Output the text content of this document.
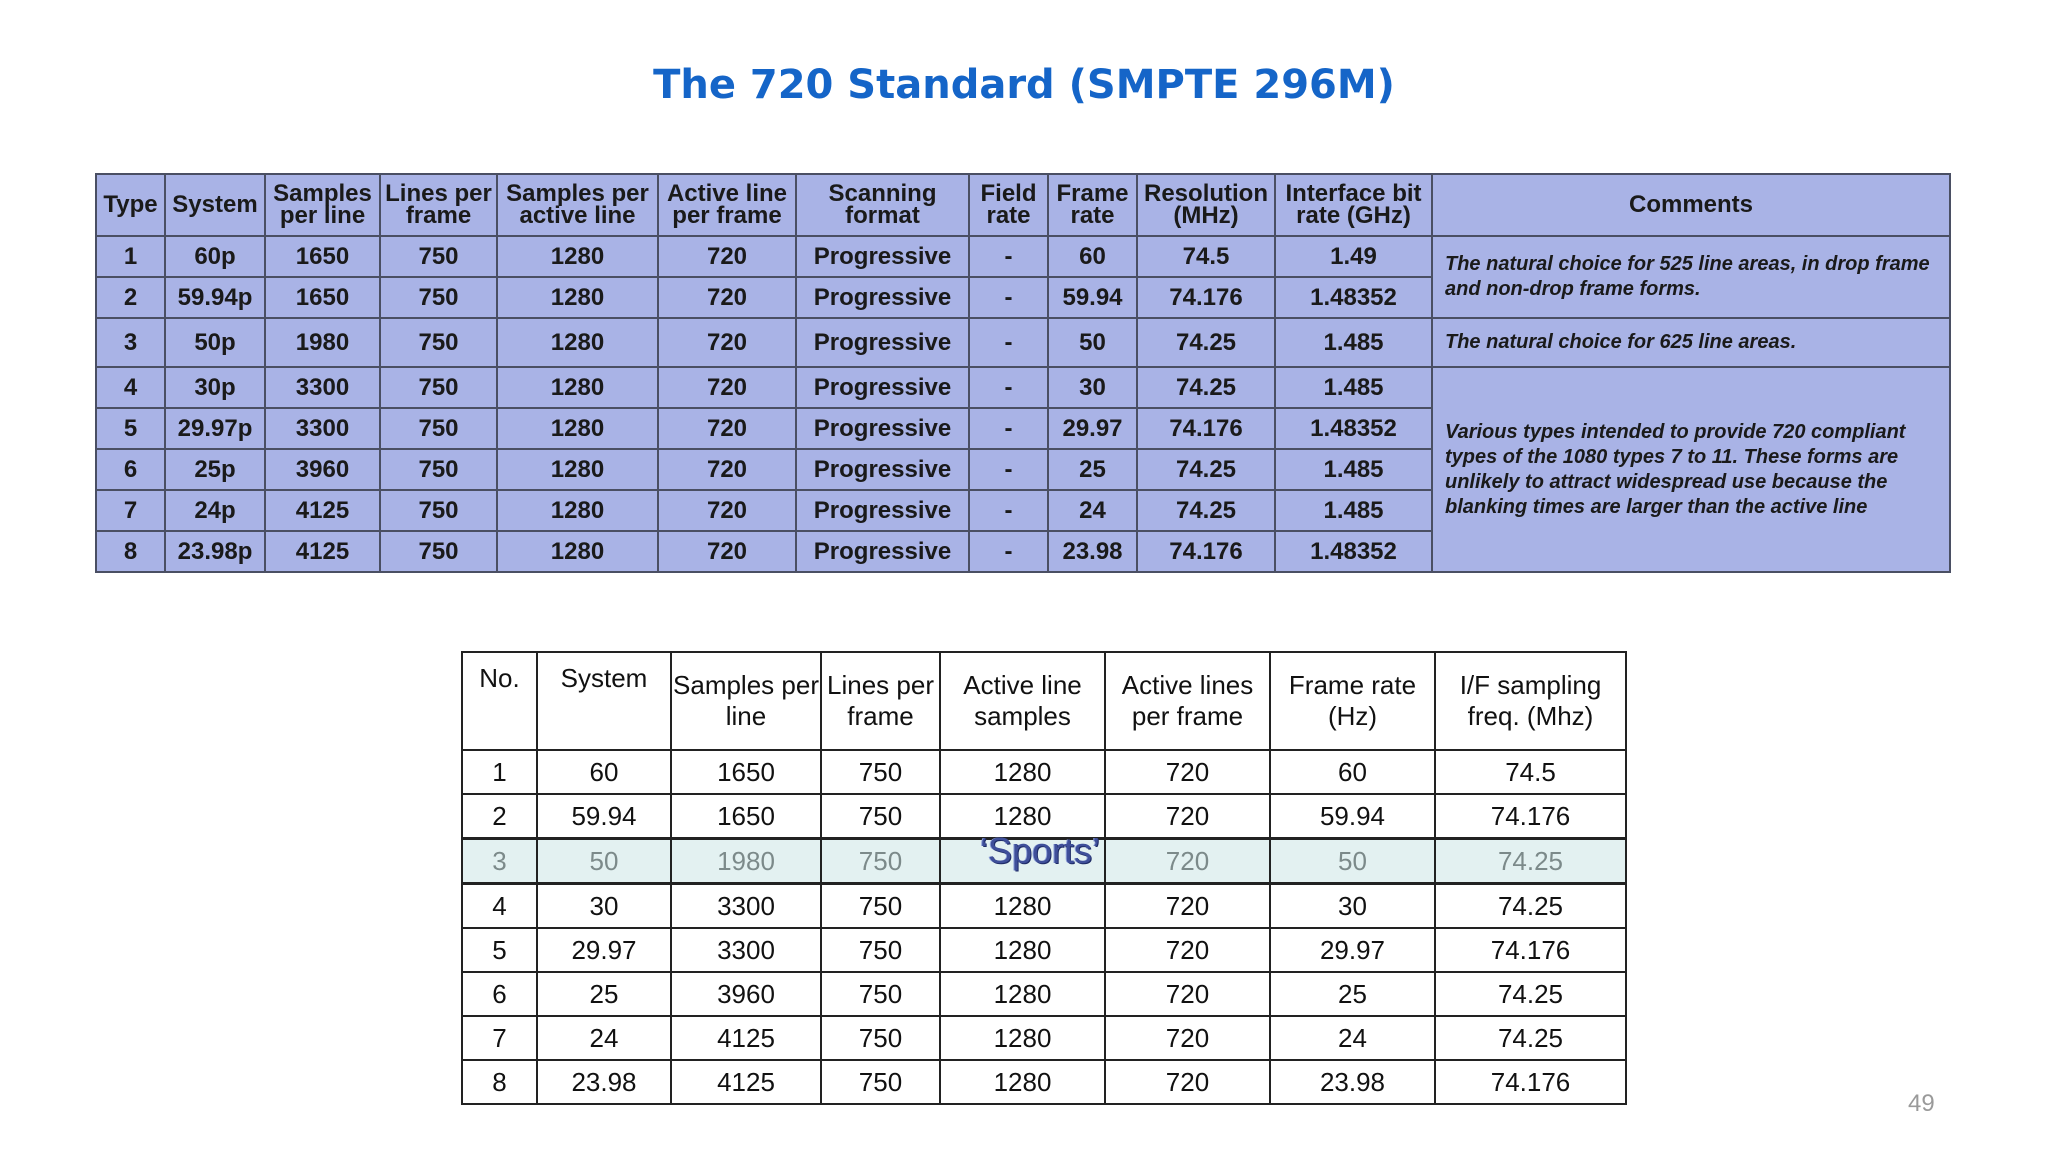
The 720 Standard (SMPTE 296M)
Type	System	Samples per line	Lines per frame	Samples per active line	Active line per frame	Scanning format	Field rate	Frame rate	Resolution (MHz)	Interface bit rate (GHz)	Comments
1	60p	1650	750	1280	720	Progressive	-	60	74.5	1.49	The natural choice for 525 line areas, in drop frame and non-drop frame forms.
2	59.94p	1650	750	1280	720	Progressive	-	59.94	74.176	1.48352	
3	50p	1980	750	1280	720	Progressive	-	50	74.25	1.485	The natural choice for 625 line areas.
4	30p	3300	750	1280	720	Progressive	-	30	74.25	1.485	Various types intended to provide 720 compliant types of the 1080 types 7 to 11. These forms are unlikely to attract widespread use because the blanking times are larger than the active line
5	29.97p	3300	750	1280	720	Progressive	-	29.97	74.176	1.48352	
6	25p	3960	750	1280	720	Progressive	-	25	74.25	1.485	
7	24p	4125	750	1280	720	Progressive	-	24	74.25	1.485	
8	23.98p	4125	750	1280	720	Progressive	-	23.98	74.176	1.48352	
No.	System	Samples per line	Lines per frame	Active line samples	Active lines per frame	Frame rate (Hz)	I/F sampling freq. (Mhz)
1	60	1650	750	1280	720	60	74.5
2	59.94	1650	750	1280	720	59.94	74.176
3	50	1980	750		720	50	74.25
4	30	3300	750	1280	720	30	74.25
5	29.97	3300	750	1280	720	29.97	74.176
6	25	3960	750	1280	720	25	74.25
7	24	4125	750	1280	720	24	74.25
8	23.98	4125	750	1280	720	23.98	74.176
‘Sports’
49
